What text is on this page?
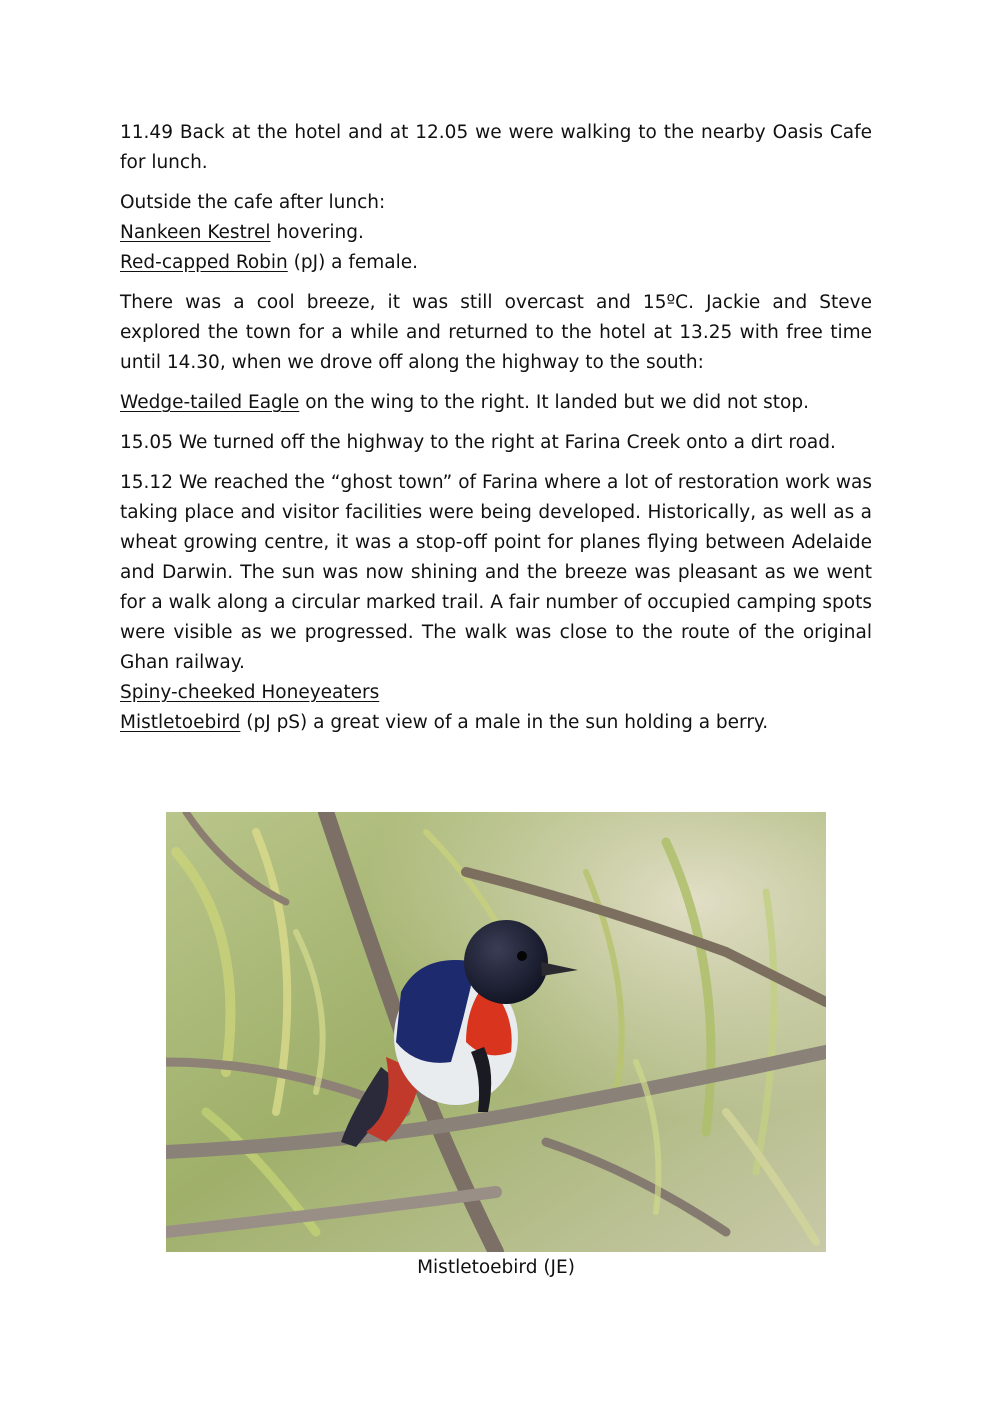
11.49 Back at the hotel and at 12.05 we were walking to the nearby Oasis Cafe for lunch.

Outside the cafe after lunch:
Nankeen Kestrel hovering.
Red-capped Robin (pJ) a female.

There was a cool breeze, it was still overcast and 15ºC. Jackie and Steve explored the town for a while and returned to the hotel at 13.25 with free time until 14.30, when we drove off along the highway to the south:

Wedge-tailed Eagle on the wing to the right. It landed but we did not stop.

15.05 We turned off the highway to the right at Farina Creek onto a dirt road.

15.12 We reached the “ghost town” of Farina where a lot of restoration work was taking place and visitor facilities were being developed. Historically, as well as a wheat growing centre, it was a stop-off point for planes flying between Adelaide and Darwin. The sun was now shining and the breeze was pleasant as we went for a walk along a circular marked trail. A fair number of occupied camping spots were visible as we progressed. The walk was close to the route of the original Ghan railway.
Spiny-cheeked Honeyeaters
Mistletoebird (pJ pS) a great view of a male in the sun holding a berry.

Mistletoebird (JE)
